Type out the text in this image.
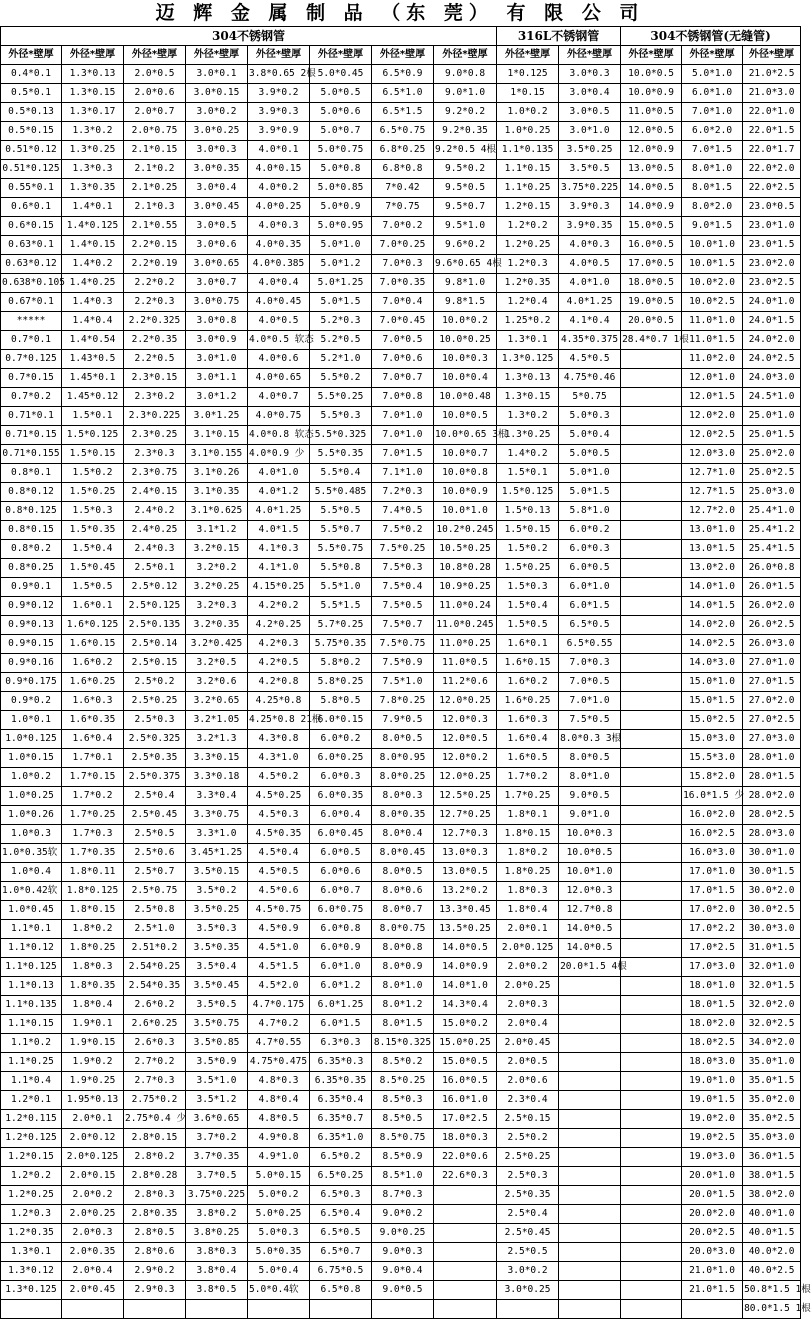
迈 辉 金 属 制 品 （东 莞） 有 限 公 司
304不锈钢管								316L不锈钢管		304不锈钢管(无缝管)		
外径*壁厚	外径*壁厚	外径*壁厚	外径*壁厚	外径*壁厚	外径*壁厚	外径*壁厚	外径*壁厚	外径*壁厚	外径*壁厚	外径*壁厚	外径*壁厚	外径*壁厚
0.4*0.1	1.3*0.13	2.0*0.5	3.0*0.1	3.8*0.65 2根	5.0*0.45	6.5*0.9	9.0*0.8	1*0.125	3.0*0.3	10.0*0.5	5.0*1.0	21.0*2.5
0.5*0.1	1.3*0.15	2.0*0.6	3.0*0.15	3.9*0.2	5.0*0.5	6.5*1.0	9.0*1.0	1*0.15	3.0*0.4	10.0*0.9	6.0*1.0	21.0*3.0
0.5*0.13	1.3*0.17	2.0*0.7	3.0*0.2	3.9*0.3	5.0*0.6	6.5*1.5	9.2*0.2	1.0*0.2	3.0*0.5	11.0*0.5	7.0*1.0	22.0*1.0
0.5*0.15	1.3*0.2	2.0*0.75	3.0*0.25	3.9*0.9	5.0*0.7	6.5*0.75	9.2*0.35	1.0*0.25	3.0*1.0	12.0*0.5	6.0*2.0	22.0*1.5
0.51*0.12	1.3*0.25	2.1*0.15	3.0*0.3	4.0*0.1	5.0*0.75	6.8*0.25	9.2*0.5 4根	1.1*0.135	3.5*0.25	12.0*0.9	7.0*1.5	22.0*1.7
0.51*0.125	1.3*0.3	2.1*0.2	3.0*0.35	4.0*0.15	5.0*0.8	6.8*0.8	9.5*0.2	1.1*0.15	3.5*0.5	13.0*0.5	8.0*1.0	22.0*2.0
0.55*0.1	1.3*0.35	2.1*0.25	3.0*0.4	4.0*0.2	5.0*0.85	7*0.42	9.5*0.5	1.1*0.25	3.75*0.225	14.0*0.5	8.0*1.5	22.0*2.5
0.6*0.1	1.4*0.1	2.1*0.3	3.0*0.45	4.0*0.25	5.0*0.9	7*0.75	9.5*0.7	1.2*0.15	3.9*0.3	14.0*0.9	8.0*2.0	23.0*0.5
0.6*0.15	1.4*0.125	2.1*0.55	3.0*0.5	4.0*0.3	5.0*0.95	7.0*0.2	9.5*1.0	1.2*0.2	3.9*0.35	15.0*0.5	9.0*1.5	23.0*1.0
0.63*0.1	1.4*0.15	2.2*0.15	3.0*0.6	4.0*0.35	5.0*1.0	7.0*0.25	9.6*0.2	1.2*0.25	4.0*0.3	16.0*0.5	10.0*1.0	23.0*1.5
0.63*0.12	1.4*0.2	2.2*0.19	3.0*0.65	4.0*0.385	5.0*1.2	7.0*0.3	9.6*0.65 4根	1.2*0.3	4.0*0.5	17.0*0.5	10.0*1.5	23.0*2.0
0.638*0.105	1.4*0.25	2.2*0.2	3.0*0.7	4.0*0.4	5.0*1.25	7.0*0.35	9.8*1.0	1.2*0.35	4.0*1.0	18.0*0.5	10.0*2.0	23.0*2.5
0.67*0.1	1.4*0.3	2.2*0.3	3.0*0.75	4.0*0.45	5.0*1.5	7.0*0.4	9.8*1.5	1.2*0.4	4.0*1.25	19.0*0.5	10.0*2.5	24.0*1.0
*****	1.4*0.4	2.2*0.325	3.0*0.8	4.0*0.5	5.2*0.3	7.0*0.45	10.0*0.2	1.25*0.2	4.1*0.4	20.0*0.5	11.0*1.0	24.0*1.5
0.7*0.1	1.4*0.54	2.2*0.35	3.0*0.9	4.0*0.5 软态	5.2*0.5	7.0*0.5	10.0*0.25	1.3*0.1	4.35*0.375	28.4*0.7 1根	11.0*1.5	24.0*2.0
0.7*0.125	1.43*0.5	2.2*0.5	3.0*1.0	4.0*0.6	5.2*1.0	7.0*0.6	10.0*0.3	1.3*0.125	4.5*0.5		11.0*2.0	24.0*2.5
0.7*0.15	1.45*0.1	2.3*0.15	3.0*1.1	4.0*0.65	5.5*0.2	7.0*0.7	10.0*0.4	1.3*0.13	4.75*0.46		12.0*1.0	24.0*3.0
0.7*0.2	1.45*0.12	2.3*0.2	3.0*1.2	4.0*0.7	5.5*0.25	7.0*0.8	10.0*0.48	1.3*0.15	5*0.75		12.0*1.5	24.5*1.0
0.71*0.1	1.5*0.1	2.3*0.225	3.0*1.25	4.0*0.75	5.5*0.3	7.0*1.0	10.0*0.5	1.3*0.2	5.0*0.3		12.0*2.0	25.0*1.0
0.71*0.15	1.5*0.125	2.3*0.25	3.1*0.15	4.0*0.8 软态	5.5*0.325	7.0*1.0	10.0*0.65 3根	1.3*0.25	5.0*0.4		12.0*2.5	25.0*1.5
0.71*0.155	1.5*0.15	2.3*0.3	3.1*0.155	4.0*0.9 少	5.5*0.35	7.0*1.5	10.0*0.7	1.4*0.2	5.0*0.5		12.0*3.0	25.0*2.0
0.8*0.1	1.5*0.2	2.3*0.75	3.1*0.26	4.0*1.0	5.5*0.4	7.1*1.0	10.0*0.8	1.5*0.1	5.0*1.0		12.7*1.0	25.0*2.5
0.8*0.12	1.5*0.25	2.4*0.15	3.1*0.35	4.0*1.2	5.5*0.485	7.2*0.3	10.0*0.9	1.5*0.125	5.0*1.5		12.7*1.5	25.0*3.0
0.8*0.125	1.5*0.3	2.4*0.2	3.1*0.625	4.0*1.25	5.5*0.5	7.4*0.5	10.0*1.0	1.5*0.13	5.8*1.0		12.7*2.0	25.4*1.0
0.8*0.15	1.5*0.35	2.4*0.25	3.1*1.2	4.0*1.5	5.5*0.7	7.5*0.2	10.2*0.245	1.5*0.15	6.0*0.2		13.0*1.0	25.4*1.2
0.8*0.2	1.5*0.4	2.4*0.3	3.2*0.15	4.1*0.3	5.5*0.75	7.5*0.25	10.5*0.25	1.5*0.2	6.0*0.3		13.0*1.5	25.4*1.5
0.8*0.25	1.5*0.45	2.5*0.1	3.2*0.2	4.1*1.0	5.5*0.8	7.5*0.3	10.8*0.28	1.5*0.25	6.0*0.5		13.0*2.0	26.0*0.8
0.9*0.1	1.5*0.5	2.5*0.12	3.2*0.25	4.15*0.25	5.5*1.0	7.5*0.4	10.9*0.25	1.5*0.3	6.0*1.0		14.0*1.0	26.0*1.5
0.9*0.12	1.6*0.1	2.5*0.125	3.2*0.3	4.2*0.2	5.5*1.5	7.5*0.5	11.0*0.24	1.5*0.4	6.0*1.5		14.0*1.5	26.0*2.0
0.9*0.13	1.6*0.125	2.5*0.135	3.2*0.35	4.2*0.25	5.7*0.25	7.5*0.7	11.0*0.245	1.5*0.5	6.5*0.5		14.0*2.0	26.0*2.5
0.9*0.15	1.6*0.15	2.5*0.14	3.2*0.425	4.2*0.3	5.75*0.35	7.5*0.75	11.0*0.25	1.6*0.1	6.5*0.55		14.0*2.5	26.0*3.0
0.9*0.16	1.6*0.2	2.5*0.15	3.2*0.5	4.2*0.5	5.8*0.2	7.5*0.9	11.0*0.5	1.6*0.15	7.0*0.3		14.0*3.0	27.0*1.0
0.9*0.175	1.6*0.25	2.5*0.2	3.2*0.6	4.2*0.8	5.8*0.25	7.5*1.0	11.2*0.6	1.6*0.2	7.0*0.5		15.0*1.0	27.0*1.5
0.9*0.2	1.6*0.3	2.5*0.25	3.2*0.65	4.25*0.8	5.8*0.5	7.8*0.25	12.0*0.25	1.6*0.25	7.0*1.0		15.0*1.5	27.0*2.0
1.0*0.1	1.6*0.35	2.5*0.3	3.2*1.05	4.25*0.8 21根	6.0*0.15	7.9*0.5	12.0*0.3	1.6*0.3	7.5*0.5		15.0*2.5	27.0*2.5
1.0*0.125	1.6*0.4	2.5*0.325	3.2*1.3	4.3*0.8	6.0*0.2	8.0*0.5	12.0*0.5	1.6*0.4	8.0*0.3 3根		15.0*3.0	27.0*3.0
1.0*0.15	1.7*0.1	2.5*0.35	3.3*0.15	4.3*1.0	6.0*0.25	8.0*0.95	12.0*0.2	1.6*0.5	8.0*0.5		15.5*3.0	28.0*1.0
1.0*0.2	1.7*0.15	2.5*0.375	3.3*0.18	4.5*0.2	6.0*0.3	8.0*0.25	12.0*0.25	1.7*0.2	8.0*1.0		15.8*2.0	28.0*1.5
1.0*0.25	1.7*0.2	2.5*0.4	3.3*0.4	4.5*0.25	6.0*0.35	8.0*0.3	12.5*0.25	1.7*0.25	9.0*0.5		16.0*1.5 少	28.0*2.0
1.0*0.26	1.7*0.25	2.5*0.45	3.3*0.75	4.5*0.3	6.0*0.4	8.0*0.35	12.7*0.25	1.8*0.1	9.0*1.0		16.0*2.0	28.0*2.5
1.0*0.3	1.7*0.3	2.5*0.5	3.3*1.0	4.5*0.35	6.0*0.45	8.0*0.4	12.7*0.3	1.8*0.15	10.0*0.3		16.0*2.5	28.0*3.0
1.0*0.35软	1.7*0.35	2.5*0.6	3.45*1.25	4.5*0.4	6.0*0.5	8.0*0.45	13.0*0.3	1.8*0.2	10.0*0.5		16.0*3.0	30.0*1.0
1.0*0.4	1.8*0.11	2.5*0.7	3.5*0.15	4.5*0.5	6.0*0.6	8.0*0.5	13.0*0.5	1.8*0.25	10.0*1.0		17.0*1.0	30.0*1.5
1.0*0.42软	1.8*0.125	2.5*0.75	3.5*0.2	4.5*0.6	6.0*0.7	8.0*0.6	13.2*0.2	1.8*0.3	12.0*0.3		17.0*1.5	30.0*2.0
1.0*0.45	1.8*0.15	2.5*0.8	3.5*0.25	4.5*0.75	6.0*0.75	8.0*0.7	13.3*0.45	1.8*0.4	12.7*0.8		17.0*2.0	30.0*2.5
1.1*0.1	1.8*0.2	2.5*1.0	3.5*0.3	4.5*0.9	6.0*0.8	8.0*0.75	13.5*0.25	2.0*0.1	14.0*0.5		17.0*2.2	30.0*3.0
1.1*0.12	1.8*0.25	2.51*0.2	3.5*0.35	4.5*1.0	6.0*0.9	8.0*0.8	14.0*0.5	2.0*0.125	14.0*0.5		17.0*2.5	31.0*1.5
1.1*0.125	1.8*0.3	2.54*0.25	3.5*0.4	4.5*1.5	6.0*1.0	8.0*0.9	14.0*0.9	2.0*0.2	20.0*1.5 4根		17.0*3.0	32.0*1.0
1.1*0.13	1.8*0.35	2.54*0.35	3.5*0.45	4.5*2.0	6.0*1.2	8.0*1.0	14.0*1.0	2.0*0.25			18.0*1.0	32.0*1.5
1.1*0.135	1.8*0.4	2.6*0.2	3.5*0.5	4.7*0.175	6.0*1.25	8.0*1.2	14.3*0.4	2.0*0.3			18.0*1.5	32.0*2.0
1.1*0.15	1.9*0.1	2.6*0.25	3.5*0.75	4.7*0.2	6.0*1.5	8.0*1.5	15.0*0.2	2.0*0.4			18.0*2.0	32.0*2.5
1.1*0.2	1.9*0.15	2.6*0.3	3.5*0.85	4.7*0.55	6.3*0.3	8.15*0.325	15.0*0.25	2.0*0.45			18.0*2.5	34.0*2.0
1.1*0.25	1.9*0.2	2.7*0.2	3.5*0.9	4.75*0.475	6.35*0.3	8.5*0.2	15.0*0.5	2.0*0.5			18.0*3.0	35.0*1.0
1.1*0.4	1.9*0.25	2.7*0.3	3.5*1.0	4.8*0.3	6.35*0.35	8.5*0.25	16.0*0.5	2.0*0.6			19.0*1.0	35.0*1.5
1.2*0.1	1.95*0.13	2.75*0.2	3.5*1.2	4.8*0.4	6.35*0.4	8.5*0.3	16.0*1.0	2.3*0.4			19.0*1.5	35.0*2.0
1.2*0.115	2.0*0.1	2.75*0.4 少	3.6*0.65	4.8*0.5	6.35*0.7	8.5*0.5	17.0*2.5	2.5*0.15			19.0*2.0	35.0*2.5
1.2*0.125	2.0*0.12	2.8*0.15	3.7*0.2	4.9*0.8	6.35*1.0	8.5*0.75	18.0*0.3	2.5*0.2			19.0*2.5	35.0*3.0
1.2*0.15	2.0*0.125	2.8*0.2	3.7*0.35	4.9*1.0	6.5*0.2	8.5*0.9	22.0*0.6	2.5*0.25			19.0*3.0	36.0*1.5
1.2*0.2	2.0*0.15	2.8*0.28	3.7*0.5	5.0*0.15	6.5*0.25	8.5*1.0	22.6*0.3	2.5*0.3			20.0*1.0	38.0*1.5
1.2*0.25	2.0*0.2	2.8*0.3	3.75*0.225	5.0*0.2	6.5*0.3	8.7*0.3		2.5*0.35			20.0*1.5	38.0*2.0
1.2*0.3	2.0*0.25	2.8*0.35	3.8*0.2	5.0*0.25	6.5*0.4	9.0*0.2		2.5*0.4			20.0*2.0	40.0*1.0
1.2*0.35	2.0*0.3	2.8*0.5	3.8*0.25	5.0*0.3	6.5*0.5	9.0*0.25		2.5*0.45			20.0*2.5	40.0*1.5
1.3*0.1	2.0*0.35	2.8*0.6	3.8*0.3	5.0*0.35	6.5*0.7	9.0*0.3		2.5*0.5			20.0*3.0	40.0*2.0
1.3*0.12	2.0*0.4	2.9*0.2	3.8*0.4	5.0*0.4	6.75*0.5	9.0*0.4		3.0*0.2			21.0*1.0	40.0*2.5
1.3*0.125	2.0*0.45	2.9*0.3	3.8*0.5	5.0*0.4软	6.5*0.8	9.0*0.5		3.0*0.25			21.0*1.5	50.8*1.5 1根
												80.0*1.5 1根
